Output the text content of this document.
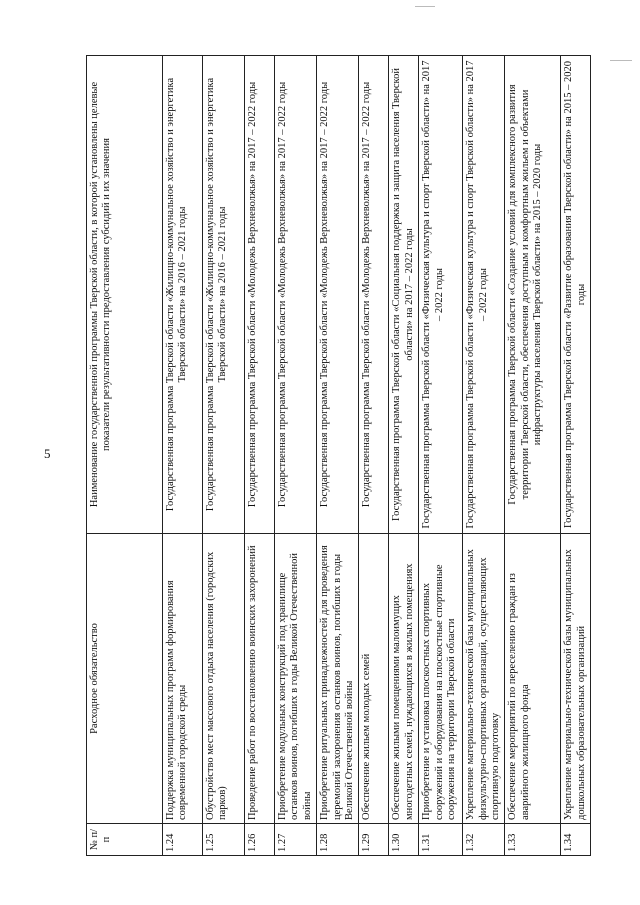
5
№ п/п	Расходное обязательство	Наименование государственной программы Тверской области, в которой установлены целевые показатели результативности предоставления субсидий и их значения
1.24	Поддержка муниципальных программ формирования современной городской среды	Государственная программа Тверской области «Жилищно-коммунальное хозяйство и энергетика Тверской области» на 2016 – 2021 годы
1.25	Обустройство мест массового отдыха населения (городских парков)	Государственная программа Тверской области «Жилищно-коммунальное хозяйство и энергетика Тверской области» на 2016 – 2021 годы
1.26	Проведение работ по восстановлению воинских захоронений	Государственная программа Тверской области «Молодежь Верхневолжья» на 2017 – 2022 годы
1.27	Приобретение модульных конструкций под хранилище останков воинов, погибших в годы Великой Отечественной войны	Государственная программа Тверской области «Молодежь Верхневолжья» на 2017 – 2022 годы
1.28	Приобретение ритуальных принадлежностей для проведения церемоний захоронения останков воинов, погибших в годы Великой Отечественной войны	Государственная программа Тверской области «Молодежь Верхневолжья» на 2017 – 2022 годы
1.29	Обеспечение жильем молодых семей	Государственная программа Тверской области «Молодежь Верхневолжья» на 2017 – 2022 годы
1.30	Обеспечение жилыми помещениями малоимущих многодетных семей, нуждающихся в жилых помещениях	Государственная программа Тверской области «Социальная поддержка и защита населения Тверской области» на 2017 – 2022 годы
1.31	Приобретение и установка плоскостных спортивных сооружений и оборудования на плоскостные спортивные сооружения на территории Тверской области	Государственная программа Тверской области «Физическая культура и спорт Тверской области» на 2017 – 2022 годы
1.32	Укрепление материально-технической базы муниципальных физкультурно-спортивных организаций, осуществляющих спортивную подготовку	Государственная программа Тверской области «Физическая культура и спорт Тверской области» на 2017 – 2022 годы
1.33	Обеспечение мероприятий по переселению граждан из аварийного жилищного фонда	Государственная программа Тверской области «Создание условий для комплексного развития территории Тверской области, обеспечения доступным и комфортным жильем и объектами инфраструктуры населения Тверской области» на 2015 – 2020 годы
1.34	Укрепление материально-технической базы муниципальных дошкольных образовательных организаций	Государственная программа Тверской области «Развитие образования Тверской области» на 2015 – 2020 годы
